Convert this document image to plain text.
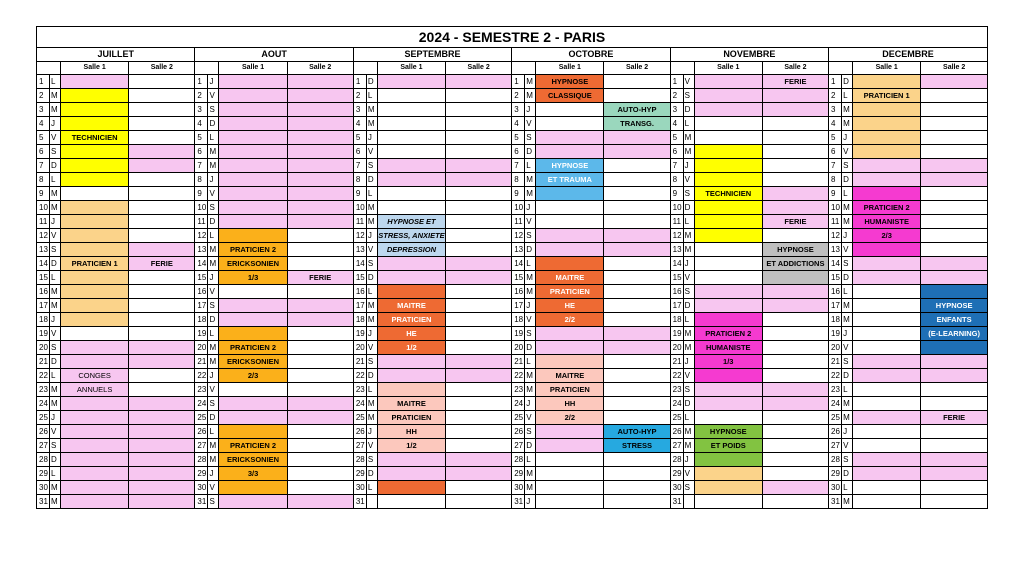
2024 - SEMESTRE 2 - PARIS																							
JUILLET				AOUT				SEPTEMBRE				OCTOBRE				NOVEMBRE				DECEMBRE			
		Salle 1	Salle 2			Salle 1	Salle 2			Salle 1	Salle 2			Salle 1	Salle 2			Salle 1	Salle 2			Salle 1	Salle 2
1	L			1	J			1	D			1	M	HYPNOSE		1	V		FERIE	1	D		
2	M			2	V			2	L			2	M	CLASSIQUE		2	S			2	L	PRATICIEN 1	
3	M			3	S			3	M			3	J		AUTO-HYP	3	D			3	M		
4	J			4	D			4	M			4	V		TRANSG.	4	L			4	M		
5	V	TECHNICIEN		5	L			5	J			5	S			5	M			5	J		
6	S			6	M			6	V			6	D			6	M			6	V		
7	D			7	M			7	S			7	L	HYPNOSE		7	J			7	S		
8	L			8	J			8	D			8	M	ET TRAUMA		8	V			8	D		
9	M			9	V			9	L			9	M			9	S	TECHNICIEN		9	L		
10	M			10	S			10	M			10	J			10	D			10	M	PRATICIEN 2	
11	J			11	D			11	M	HYPNOSE ET		11	V			11	L		FERIE	11	M	HUMANISTE	
12	V			12	L			12	J	STRESS, ANXIETE		12	S			12	M			12	J	2/3	
13	S			13	M	PRATICIEN 2		13	V	DEPRESSION		13	D			13	M		HYPNOSE	13	V		
14	D	PRATICIEN 1	FERIE	14	M	ERICKSONIEN		14	S			14	L			14	J		ET ADDICTIONS	14	S		
15	L			15	J	1/3	FERIE	15	D			15	M	MAITRE		15	V			15	D		
16	M			16	V			16	L			16	M	PRATICIEN		16	S			16	L		
17	M			17	S			17	M	MAITRE		17	J	HE		17	D			17	M		HYPNOSE
18	J			18	D			18	M	PRATICIEN		18	V	2/2		18	L			18	M		ENFANTS
19	V			19	L			19	J	HE		19	S			19	M	PRATICIEN 2		19	J		(E-LEARNING)
20	S			20	M	PRATICIEN 2		20	V	1/2		20	D			20	M	HUMANISTE		20	V		
21	D			21	M	ERICKSONIEN		21	S			21	L			21	J	1/3		21	S		
22	L	CONGES		22	J	2/3		22	D			22	M	MAITRE		22	V			22	D		
23	M	ANNUELS		23	V			23	L			23	M	PRATICIEN		23	S			23	L		
24	M			24	S			24	M	MAITRE		24	J	HH		24	D			24	M		
25	J			25	D			25	M	PRATICIEN		25	V	2/2		25	L			25	M		FERIE
26	V			26	L			26	J	HH		26	S		AUTO-HYP	26	M	HYPNOSE		26	J		
27	S			27	M	PRATICIEN 2		27	V	1/2		27	D		STRESS	27	M	ET POIDS		27	V		
28	D			28	M	ERICKSONIEN		28	S			28	L			28	J			28	S		
29	L			29	J	3/3		29	D			29	M			29	V			29	D		
30	M			30	V			30	L			30	M			30	S			30	L		
31	M			31	S			31				31	J			31				31	M		
